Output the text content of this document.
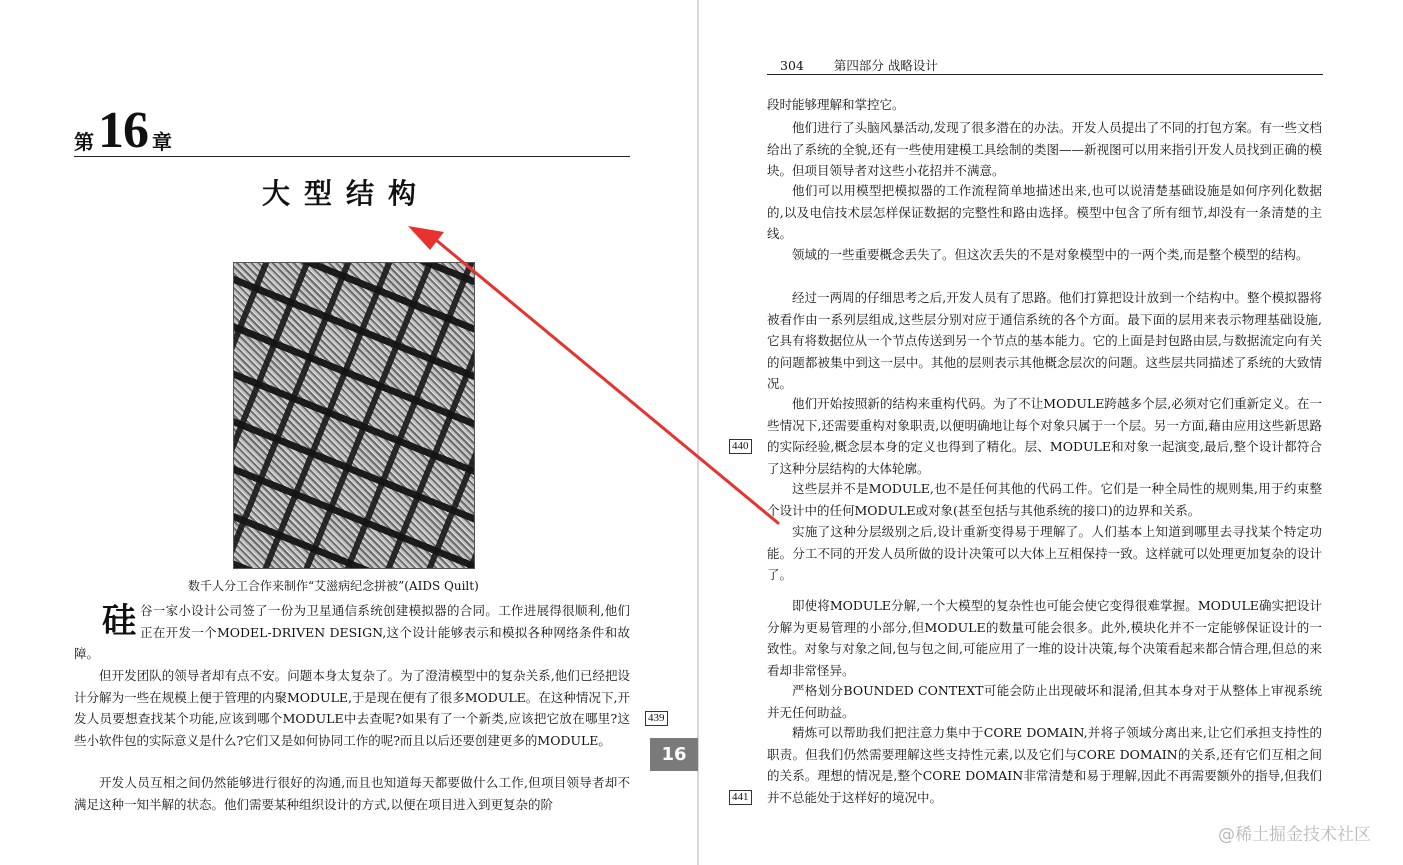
第 16 章
大型结构
数千人分工合作来制作“艾滋病纪念拼被”(AIDS Quilt)

硅谷一家小设计公司签了一份为卫星通信系统创建模拟器的合同。工作进展得很顺利,他们正在开发一个MODEL-DRIVEN DESIGN,这个设计能够表示和模拟各种网络条件和故障。

但开发团队的领导者却有点不安。问题本身太复杂了。为了澄清模型中的复杂关系,他们已经把设计分解为一些在规模上便于管理的内聚MODULE,于是现在便有了很多MODULE。在这种情况下,开发人员要想查找某个功能,应该到哪个MODULE中去查呢?如果有了一个新类,应该把它放在哪里?这些小软件包的实际意义是什么?它们又是如何协同工作的呢?而且以后还要创建更多的MODULE。

开发人员互相之间仍然能够进行很好的沟通,而且也知道每天都要做什么工作,但项目领导者却不满足这种一知半解的状态。他们需要某种组织设计的方式,以便在项目进入到更复杂的阶

439
16
304 第四部分 战略设计

段时能够理解和掌控它。

他们进行了头脑风暴活动,发现了很多潜在的办法。开发人员提出了不同的打包方案。有一些文档给出了系统的全貌,还有一些使用建模工具绘制的类图——新视图可以用来指引开发人员找到正确的模块。但项目领导者对这些小花招并不满意。

他们可以用模型把模拟器的工作流程简单地描述出来,也可以说清楚基础设施是如何序列化数据的,以及电信技术层怎样保证数据的完整性和路由选择。模型中包含了所有细节,却没有一条清楚的主线。

领域的一些重要概念丢失了。但这次丢失的不是对象模型中的一两个类,而是整个模型的结构。

经过一两周的仔细思考之后,开发人员有了思路。他们打算把设计放到一个结构中。整个模拟器将被看作由一系列层组成,这些层分别对应于通信系统的各个方面。最下面的层用来表示物理基础设施,它具有将数据位从一个节点传送到另一个节点的基本能力。它的上面是封包路由层,与数据流定向有关的问题都被集中到这一层中。其他的层则表示其他概念层次的问题。这些层共同描述了系统的大致情况。

他们开始按照新的结构来重构代码。为了不让MODULE跨越多个层,必须对它们重新定义。在一些情况下,还需要重构对象职责,以便明确地让每个对象只属于一个层。另一方面,藉由应用这些新思路的实际经验,概念层本身的定义也得到了精化。层、MODULE和对象一起演变,最后,整个设计都符合了这种分层结构的大体轮廓。

这些层并不是MODULE,也不是任何其他的代码工件。它们是一种全局性的规则集,用于约束整个设计中的任何MODULE或对象(甚至包括与其他系统的接口)的边界和关系。

实施了这种分层级别之后,设计重新变得易于理解了。人们基本上知道到哪里去寻找某个特定功能。分工不同的开发人员所做的设计决策可以大体上互相保持一致。这样就可以处理更加复杂的设计了。

即使将MODULE分解,一个大模型的复杂性也可能会使它变得很难掌握。MODULE确实把设计分解为更易管理的小部分,但MODULE的数量可能会很多。此外,模块化并不一定能够保证设计的一致性。对象与对象之间,包与包之间,可能应用了一堆的设计决策,每个决策看起来都合情合理,但总的来看却非常怪异。

严格划分BOUNDED CONTEXT可能会防止出现破坏和混淆,但其本身对于从整体上审视系统并无任何助益。

精炼可以帮助我们把注意力集中于CORE DOMAIN,并将子领域分离出来,让它们承担支持性的职责。但我们仍然需要理解这些支持性元素,以及它们与CORE DOMAIN的关系,还有它们互相之间的关系。理想的情况是,整个CORE DOMAIN非常清楚和易于理解,因此不再需要额外的指导,但我们并不总能处于这样好的境况中。

440
441
@稀土掘金技术社区
